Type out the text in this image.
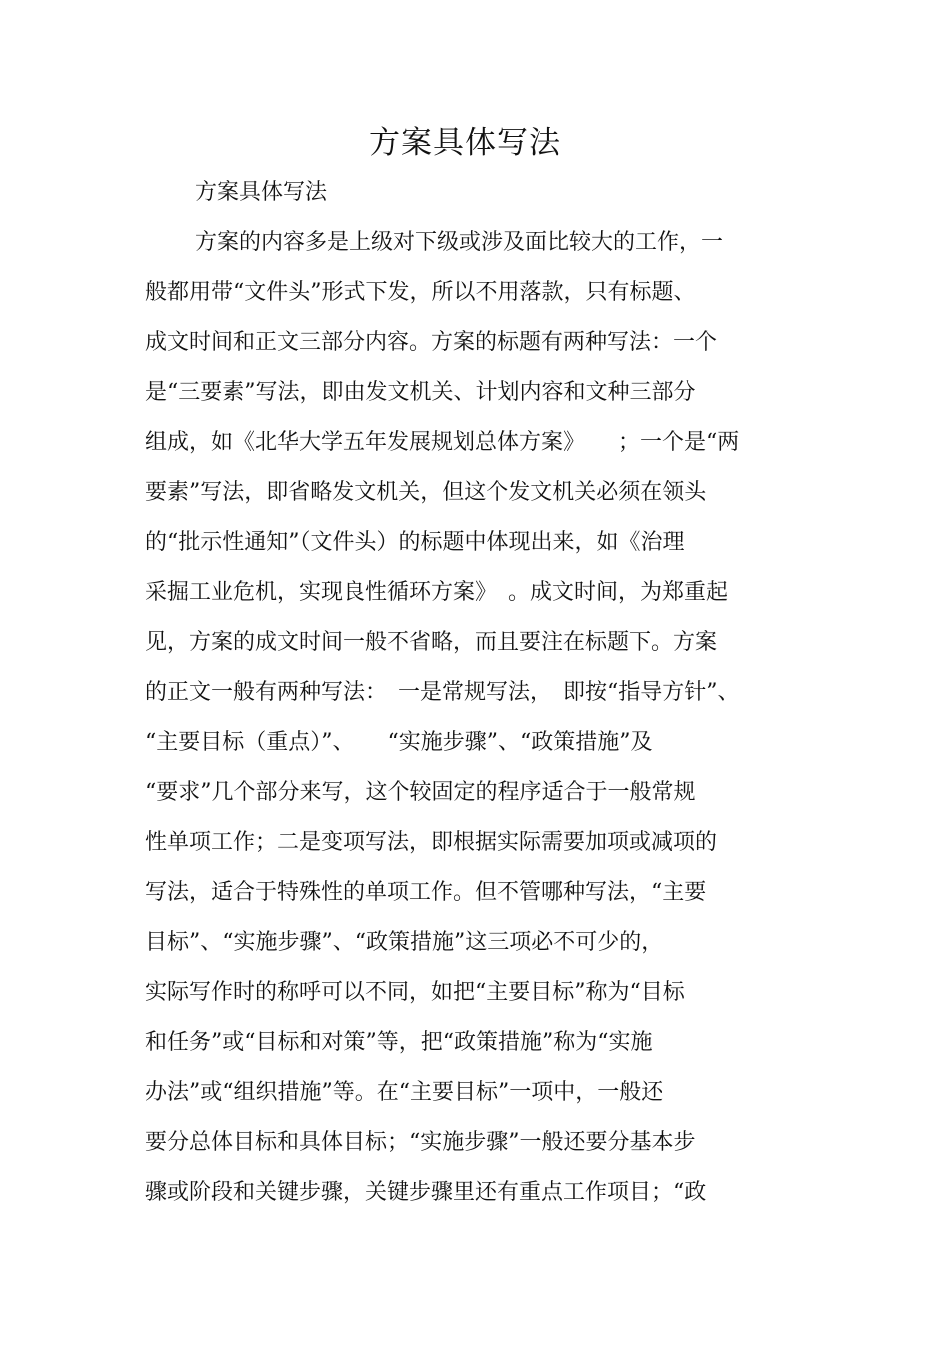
方案具体写法
方案具体写法
方案的内容多是上级对下级或涉及面比较大的工作，一
般都用带“文件头”形式下发，所以不用落款，只有标题、
成文时间和正文三部分内容。方案的标题有两种写法：一个
是“三要素”写法，即由发文机关、计划内容和文种三部分
组成，如《北华大学五年发展规划总体方案》　　；一个是“两
要素”写法，即省略发文机关，但这个发文机关必须在领头
的“批示性通知”（文件头）的标题中体现出来，如《治理
采掘工业危机，实现良性循环方案》　。成文时间，为郑重起
见，方案的成文时间一般不省略，而且要注在标题下。方案
的正文一般有两种写法：　一是常规写法，　即按“指导方针”、
“主要目标（重点）”、　　“实施步骤”、“政策措施”及
“要求”几个部分来写，这个较固定的程序适合于一般常规
性单项工作；二是变项写法，即根据实际需要加项或减项的
写法，适合于特殊性的单项工作。但不管哪种写法，“主要
目标”、“实施步骤”、“政策措施”这三项必不可少的，
实际写作时的称呼可以不同，如把“主要目标”称为“目标
和任务”或“目标和对策”等，把“政策措施”称为“实施
办法”或“组织措施”等。在“主要目标”一项中，一般还
要分总体目标和具体目标；“实施步骤”一般还要分基本步
骤或阶段和关键步骤，关键步骤里还有重点工作项目；“政
